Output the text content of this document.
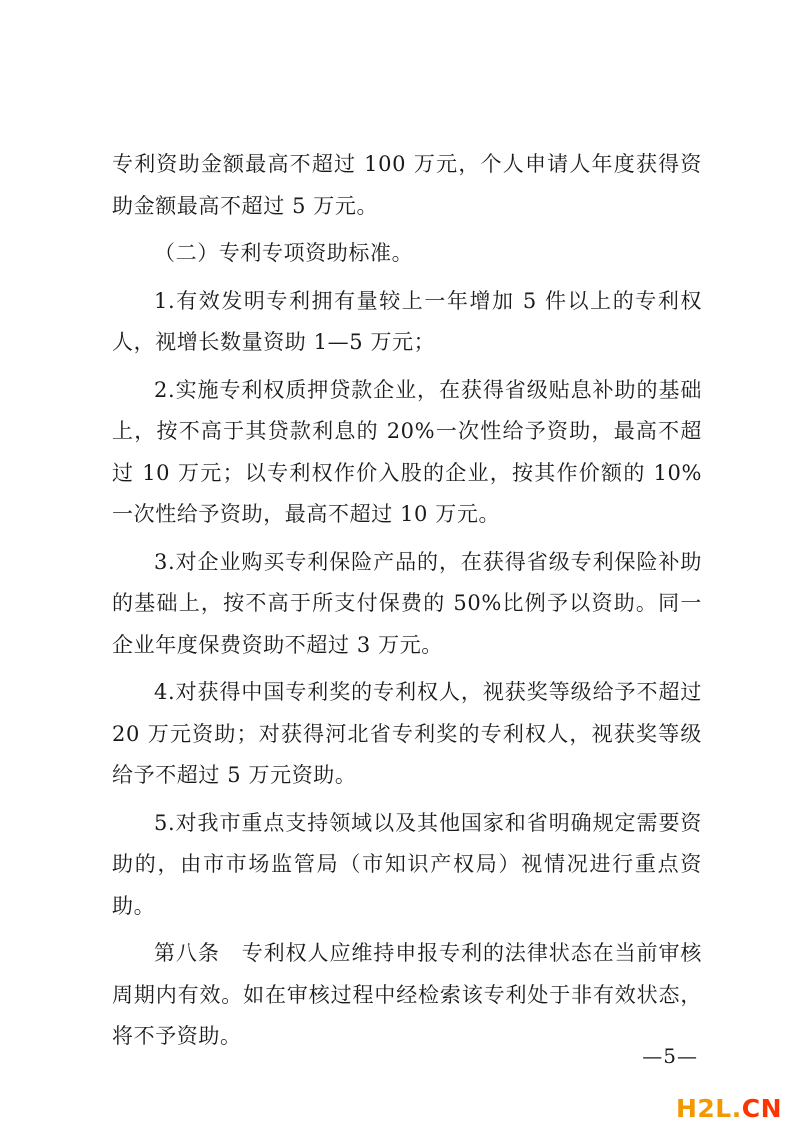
专利资助金额最高不超过 100 万元，个人申请人年度获得资助金额最高不超过 5 万元。

（二）专利专项资助标准。

1.有效发明专利拥有量较上一年增加 5 件以上的专利权人，视增长数量资助 1—5 万元；

2.实施专利权质押贷款企业，在获得省级贴息补助的基础上，按不高于其贷款利息的 20%一次性给予资助，最高不超过 10 万元；以专利权作价入股的企业，按其作价额的 10%一次性给予资助，最高不超过 10 万元。

3.对企业购买专利保险产品的，在获得省级专利保险补助的基础上，按不高于所支付保费的 50%比例予以资助。同一企业年度保费资助不超过 3 万元。

4.对获得中国专利奖的专利权人，视获奖等级给予不超过 20 万元资助；对获得河北省专利奖的专利权人，视获奖等级给予不超过 5 万元资助。

5.对我市重点支持领域以及其他国家和省明确规定需要资助的，由市市场监管局（市知识产权局）视情况进行重点资助。

第八条　专利权人应维持申报专利的法律状态在当前审核周期内有效。如在审核过程中经检索该专利处于非有效状态，将不予资助。

—5—
H2L.CN
